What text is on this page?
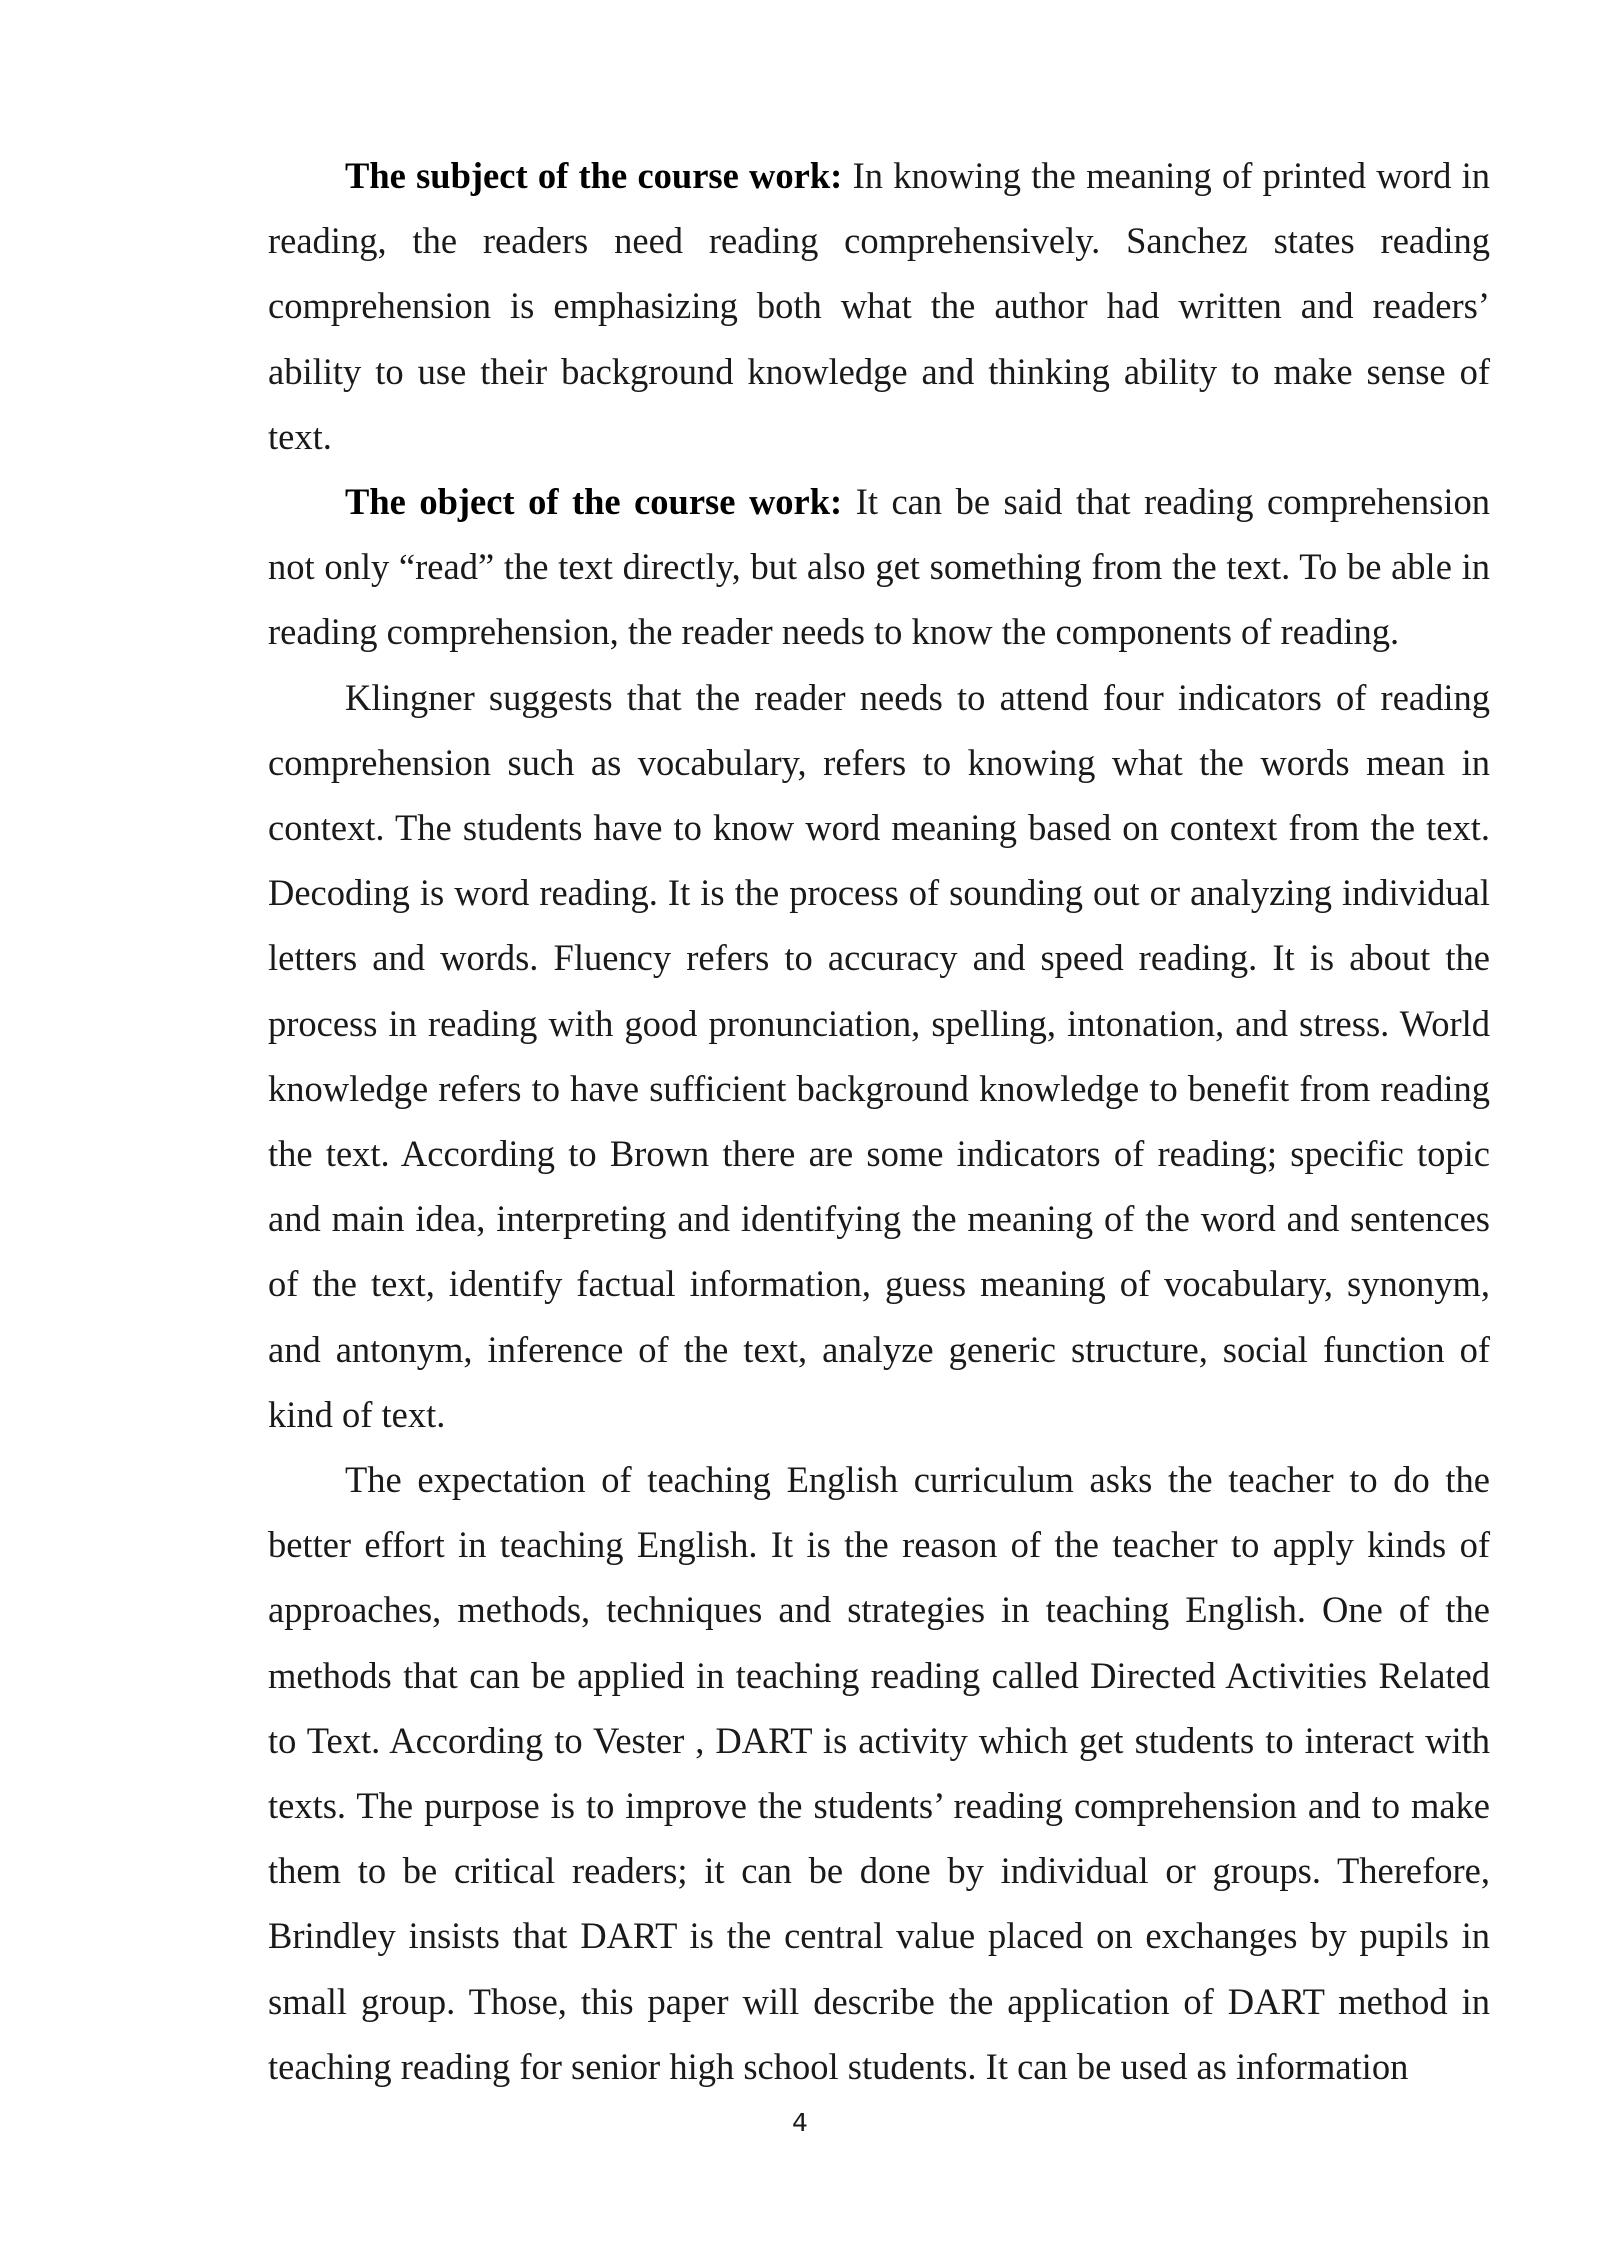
The subject of the course work: In knowing the meaning of printed word in reading, the readers need reading comprehensively. Sanchez states reading comprehension is emphasizing both what the author had written and readers’ ability to use their background knowledge and thinking ability to make sense of text.

The object of the course work: It can be said that reading comprehension not only “read” the text directly, but also get something from the text. To be able in reading comprehension, the reader needs to know the components of reading.

Klingner suggests that the reader needs to attend four indicators of reading comprehension such as vocabulary, refers to knowing what the words mean in context. The students have to know word meaning based on context from the text. Decoding is word reading. It is the process of sounding out or analyzing individual letters and words. Fluency refers to accuracy and speed reading. It is about the process in reading with good pronunciation, spelling, intonation, and stress. World knowledge refers to have sufficient background knowledge to benefit from reading the text. According to Brown there are some indicators of reading; specific topic and main idea, interpreting and identifying the meaning of the word and sentences of the text, identify factual information, guess meaning of vocabulary, synonym, and antonym, inference of the text, analyze generic structure, social function of kind of text.

The expectation of teaching English curriculum asks the teacher to do the better effort in teaching English. It is the reason of the teacher to apply kinds of approaches, methods, techniques and strategies in teaching English. One of the methods that can be applied in teaching reading called Directed Activities Related to Text. According to Vester , DART is activity which get students to interact with texts. The purpose is to improve the students’ reading comprehension and to make them to be critical readers; it can be done by individual or groups. Therefore, Brindley insists that DART is the central value placed on exchanges by pupils in small group. Those, this paper will describe the application of DART method in teaching reading for senior high school students. It can be used as information

4
